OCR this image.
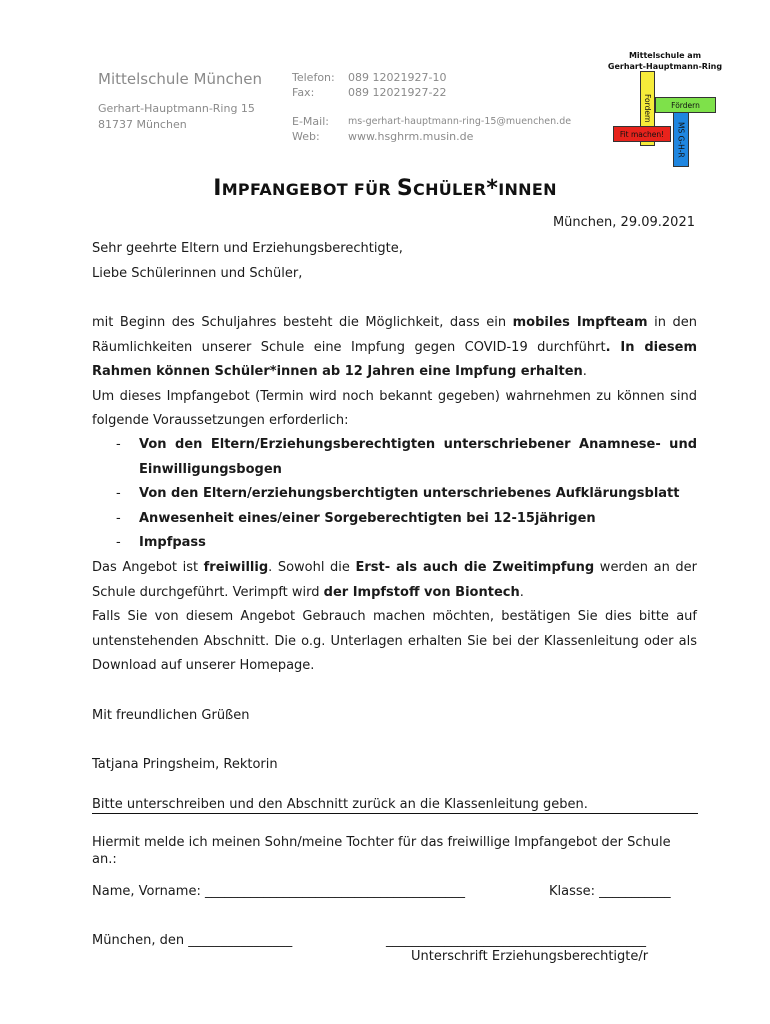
Mittelschule München
Gerhart-Hauptmann-Ring 15
81737 München
Telefon:	089 12021927-10
Fax:	089 12021927-22
E-Mail:	ms-gerhart-hauptmann-ring-15@muenchen.de
Web:	www.hsghrm.musin.de
Mittelschule am
Gerhart-Hauptmann-Ring
Fordern
MS G-H-R
Fördern
Fit machen!
IMPFANGEBOT FÜR SCHÜLER*INNEN
München, 29.09.2021
Sehr geehrte Eltern und Erziehungsberechtigte,
Liebe Schülerinnen und Schüler,
mit Beginn des Schuljahres besteht die Möglichkeit, dass ein mobiles Impfteam in den Räumlichkeiten unserer Schule eine Impfung gegen COVID-19 durchführt. In diesem Rahmen können Schüler*innen ab 12 Jahren eine Impfung erhalten.
Um dieses Impfangebot (Termin wird noch bekannt gegeben) wahrnehmen zu können sind folgende Voraussetzungen erforderlich:
-	Von den Eltern/Erziehungsberechtigten unterschriebener Anamnese- und Einwilligungsbogen
-	Von den Eltern/erziehungsberchtigten unterschriebenes Aufklärungsblatt
-	Anwesenheit eines/einer Sorgeberechtigten bei 12-15jährigen
-	Impfpass
Das Angebot ist freiwillig. Sowohl die Erst- als auch die Zweitimpfung werden an der Schule durchgeführt. Verimpft wird der Impfstoff von Biontech.
Falls Sie von diesem Angebot Gebrauch machen möchten, bestätigen Sie dies bitte auf untenstehenden Abschnitt. Die o.g. Unterlagen erhalten Sie bei der Klassenleitung oder als Download auf unserer Homepage.
Mit freundlichen Grüßen
Tatjana Pringsheim, Rektorin
Bitte unterschreiben und den Abschnitt zurück an die Klassenleitung geben.
Hiermit melde ich meinen Sohn/meine Tochter für das freiwillige Impfangebot der Schule an.:
Name, Vorname: ________________________________________	Klasse: ___________
München, den ________________	________________________________________
Unterschrift Erziehungsberechtigte/r
